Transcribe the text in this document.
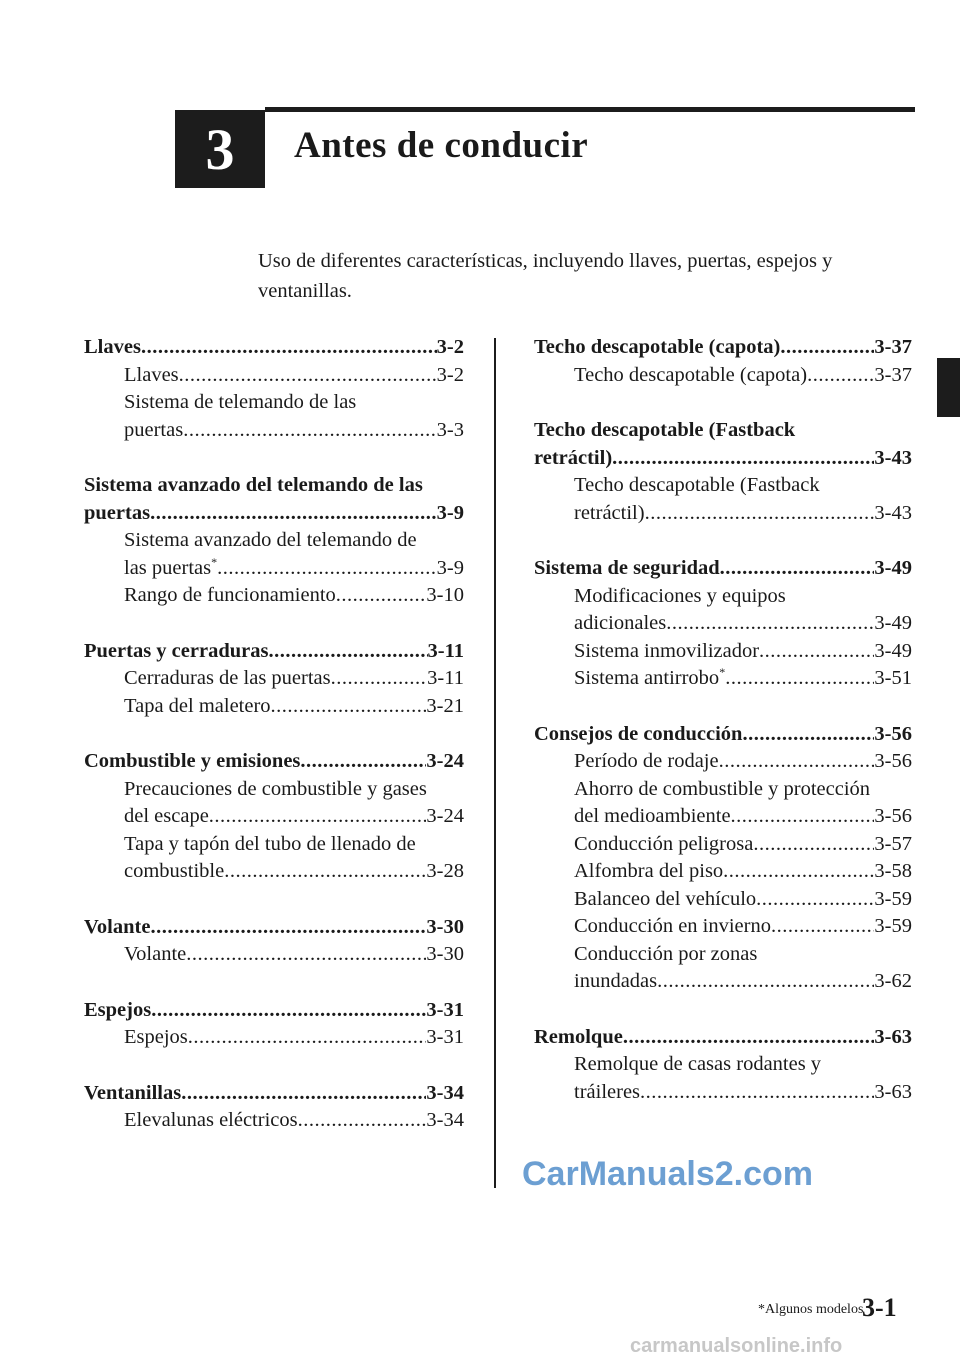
3 Antes de conducir
Uso de diferentes características, incluyendo llaves, puertas, espejos y ventanillas.
Llaves .....	3-2
Llaves .....	3-2
Sistema de telemando de las
puertas .....	3-3
Sistema avanzado del telemando de las
puertas .....	3-9
Sistema avanzado del telemando de
las puertas* .....	3-9
Rango de funcionamiento .....	3-10
Puertas y cerraduras .....	3-11
Cerraduras de las puertas .....	3-11
Tapa del maletero .....	3-21
Combustible y emisiones .....	3-24
Precauciones de combustible y gases
del escape .....	3-24
Tapa y tapón del tubo de llenado de
combustible .....	3-28
Volante .....	3-30
Volante .....	3-30
Espejos .....	3-31
Espejos .....	3-31
Ventanillas .....	3-34
Elevalunas eléctricos .....	3-34
Techo descapotable (capota) .....	3-37
Techo descapotable (capota) .....	3-37
Techo descapotable (Fastback
retráctil) .....	3-43
Techo descapotable (Fastback
retráctil) .....	3-43
Sistema de seguridad .....	3-49
Modificaciones y equipos
adicionales .....	3-49
Sistema inmovilizador .....	3-49
Sistema antirrobo* .....	3-51
Consejos de conducción .....	3-56
Período de rodaje .....	3-56
Ahorro de combustible y protección
del medioambiente .....	3-56
Conducción peligrosa .....	3-57
Alfombra del piso .....	3-58
Balanceo del vehículo .....	3-59
Conducción en invierno .....	3-59
Conducción por zonas
inundadas .....	3-62
Remolque .....	3-63
Remolque de casas rodantes y
tráileres .....	3-63
*Algunos modelos
3-1
CarManuals2.com
carmanualsonline.info
